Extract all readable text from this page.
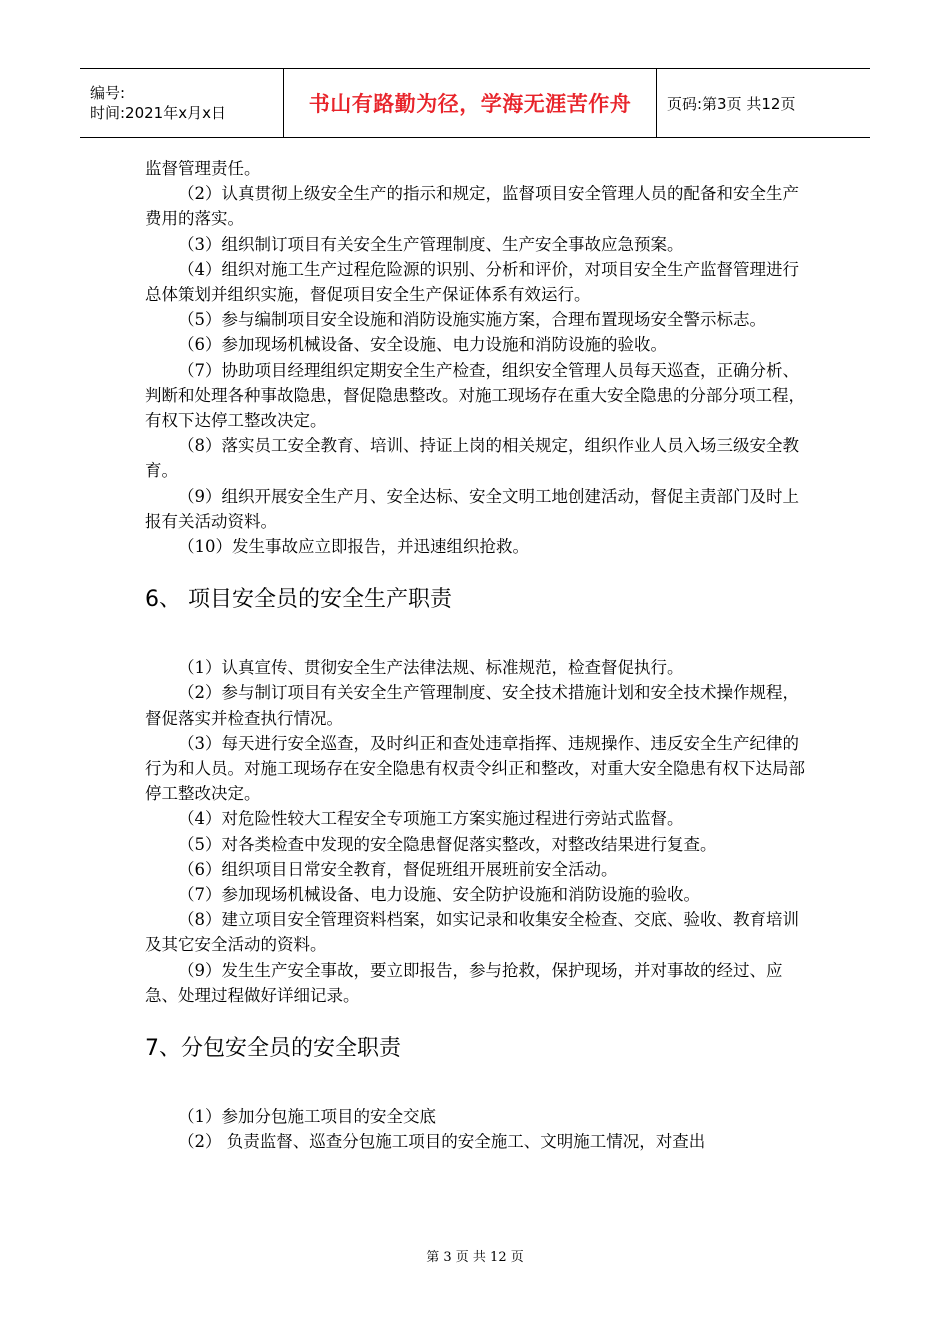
编号:
时间:2021年x月x日	书山有路勤为径，学海无涯苦作舟 页码:第3页 共12页

监督管理责任。

（2）认真贯彻上级安全生产的指示和规定，监督项目安全管理人员的配备和安全生产费用的落实。

（3）组织制订项目有关安全生产管理制度、生产安全事故应急预案。

（4）组织对施工生产过程危险源的识别、分析和评价，对项目安全生产监督管理进行总体策划并组织实施，督促项目安全生产保证体系有效运行。

（5）参与编制项目安全设施和消防设施实施方案，合理布置现场安全警示标志。

（6）参加现场机械设备、安全设施、电力设施和消防设施的验收。

（7）协助项目经理组织定期安全生产检查，组织安全管理人员每天巡查，正确分析、判断和处理各种事故隐患，督促隐患整改。对施工现场存在重大安全隐患的分部分项工程，有权下达停工整改决定。

（8）落实员工安全教育、培训、持证上岗的相关规定，组织作业人员入场三级安全教育。

（9）组织开展安全生产月、安全达标、安全文明工地创建活动，督促主责部门及时上报有关活动资料。

（10）发生事故应立即报告，并迅速组织抢救。

6、 项目安全员的安全生产职责

（1）认真宣传、贯彻安全生产法律法规、标准规范，检查督促执行。

（2）参与制订项目有关安全生产管理制度、安全技术措施计划和安全技术操作规程，督促落实并检查执行情况。

（3）每天进行安全巡查，及时纠正和查处违章指挥、违规操作、违反安全生产纪律的行为和人员。对施工现场存在安全隐患有权责令纠正和整改，对重大安全隐患有权下达局部停工整改决定。

（4）对危险性较大工程安全专项施工方案实施过程进行旁站式监督。

（5）对各类检查中发现的安全隐患督促落实整改，对整改结果进行复查。

（6）组织项目日常安全教育，督促班组开展班前安全活动。

（7）参加现场机械设备、电力设施、安全防护设施和消防设施的验收。

（8）建立项目安全管理资料档案，如实记录和收集安全检查、交底、验收、教育培训及其它安全活动的资料。

（9）发生生产安全事故，要立即报告，参与抢救，保护现场，并对事故的经过、应急、处理过程做好详细记录。

7、分包安全员的安全职责

（1）参加分包施工项目的安全交底

（2） 负责监督、巡查分包施工项目的安全施工、文明施工情况，对查出

第 3 页 共 12 页
